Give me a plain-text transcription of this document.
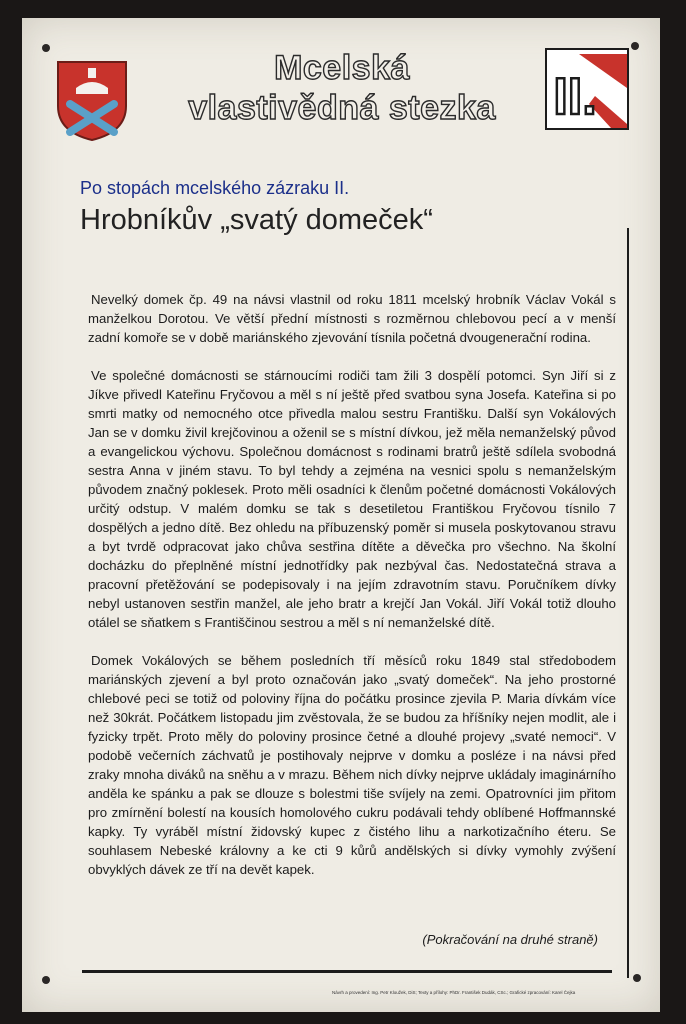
Mcelská
vlastivědná stezka	II.
Po stopách mcelského zázraku II.
Hrobníkův „svatý domeček“

Nevelký domek čp. 49 na návsi vlastnil od roku 1811 mcelský hrobník Václav Vokál s manželkou Dorotou. Ve větší přední místnosti s rozměrnou chlebovou pecí a v menší zadní komoře se v době mariánského zjevování tísnila početná dvougenerační rodina.

Ve společné domácnosti se stárnoucími rodiči tam žili 3 dospělí potomci. Syn Jiří si z Jíkve přivedl Kateřinu Fryčovou a měl s ní ještě před svatbou syna Josefa. Kateřina si po smrti matky od nemocného otce přivedla malou sestru Františku. Další syn Vokálových Jan se v domku živil krejčovinou a oženil se s místní dívkou, jež měla nemanželský původ a evangelickou výchovu. Společnou domácnost s rodinami bratrů ještě sdílela svobodná sestra Anna v jiném stavu. To byl tehdy a zejména na vesnici spolu s nemanželským původem značný poklesek. Proto měli osadníci k členům početné domácnosti Vokálových určitý odstup. V malém domku se tak s desetiletou Františkou Fryčovou tísnilo 7 dospělých a jedno dítě. Bez ohledu na příbuzenský poměr si musela poskytovanou stravu a byt tvrdě odpracovat jako chůva sestřina dítěte a děvečka pro všechno. Na školní docházku do přeplněné místní jednotřídky pak nezbýval čas. Nedostatečná strava a pracovní přetěžování se podepisovaly i na jejím zdravotním stavu. Poručníkem dívky nebyl ustanoven sestřin manžel, ale jeho bratr a krejčí Jan Vokál. Jiří Vokál totiž dlouho otálel se sňatkem s Františčinou sestrou a měl s ní nemanželské dítě.

Domek Vokálových se během posledních tří měsíců roku 1849 stal středobodem mariánských zjevení a byl proto označován jako „svatý domeček“. Na jeho prostorné chlebové peci se totiž od poloviny října do počátku prosince zjevila P. Maria dívkám více než 30krát. Počátkem listopadu jim zvěstovala, že se budou za hříšníky nejen modlit, ale i fyzicky trpět. Proto měly do poloviny prosince četné a dlouhé projevy „svaté nemoci“. V podobě večerních záchvatů je postihovaly nejprve v domku a posléze i na návsi před zraky mnoha diváků na sněhu a v mrazu. Během nich dívky nejprve ukládaly imaginárního anděla ke spánku a pak se dlouze s bolestmi tiše svíjely na zemi. Opatrovníci jim přitom pro zmírnění bolestí na kousích homolového cukru podávali tehdy oblíbené Hoffmannské kapky. Ty vyráběl místní židovský kupec z čistého lihu a narkotizačního éteru. Se souhlasem Nebeské královny a ke cti 9 kůrů andělských si dívky vymohly zvýšení obvyklých dávek ze tří na devět kapek.

(Pokračování na druhé straně)
Návrh a provedení: Ing. Petr Kloužek, DiS; Texty a přílohy: PhDr. František Dudák, CSc.; Grafické zpracování: Karel Čejka
